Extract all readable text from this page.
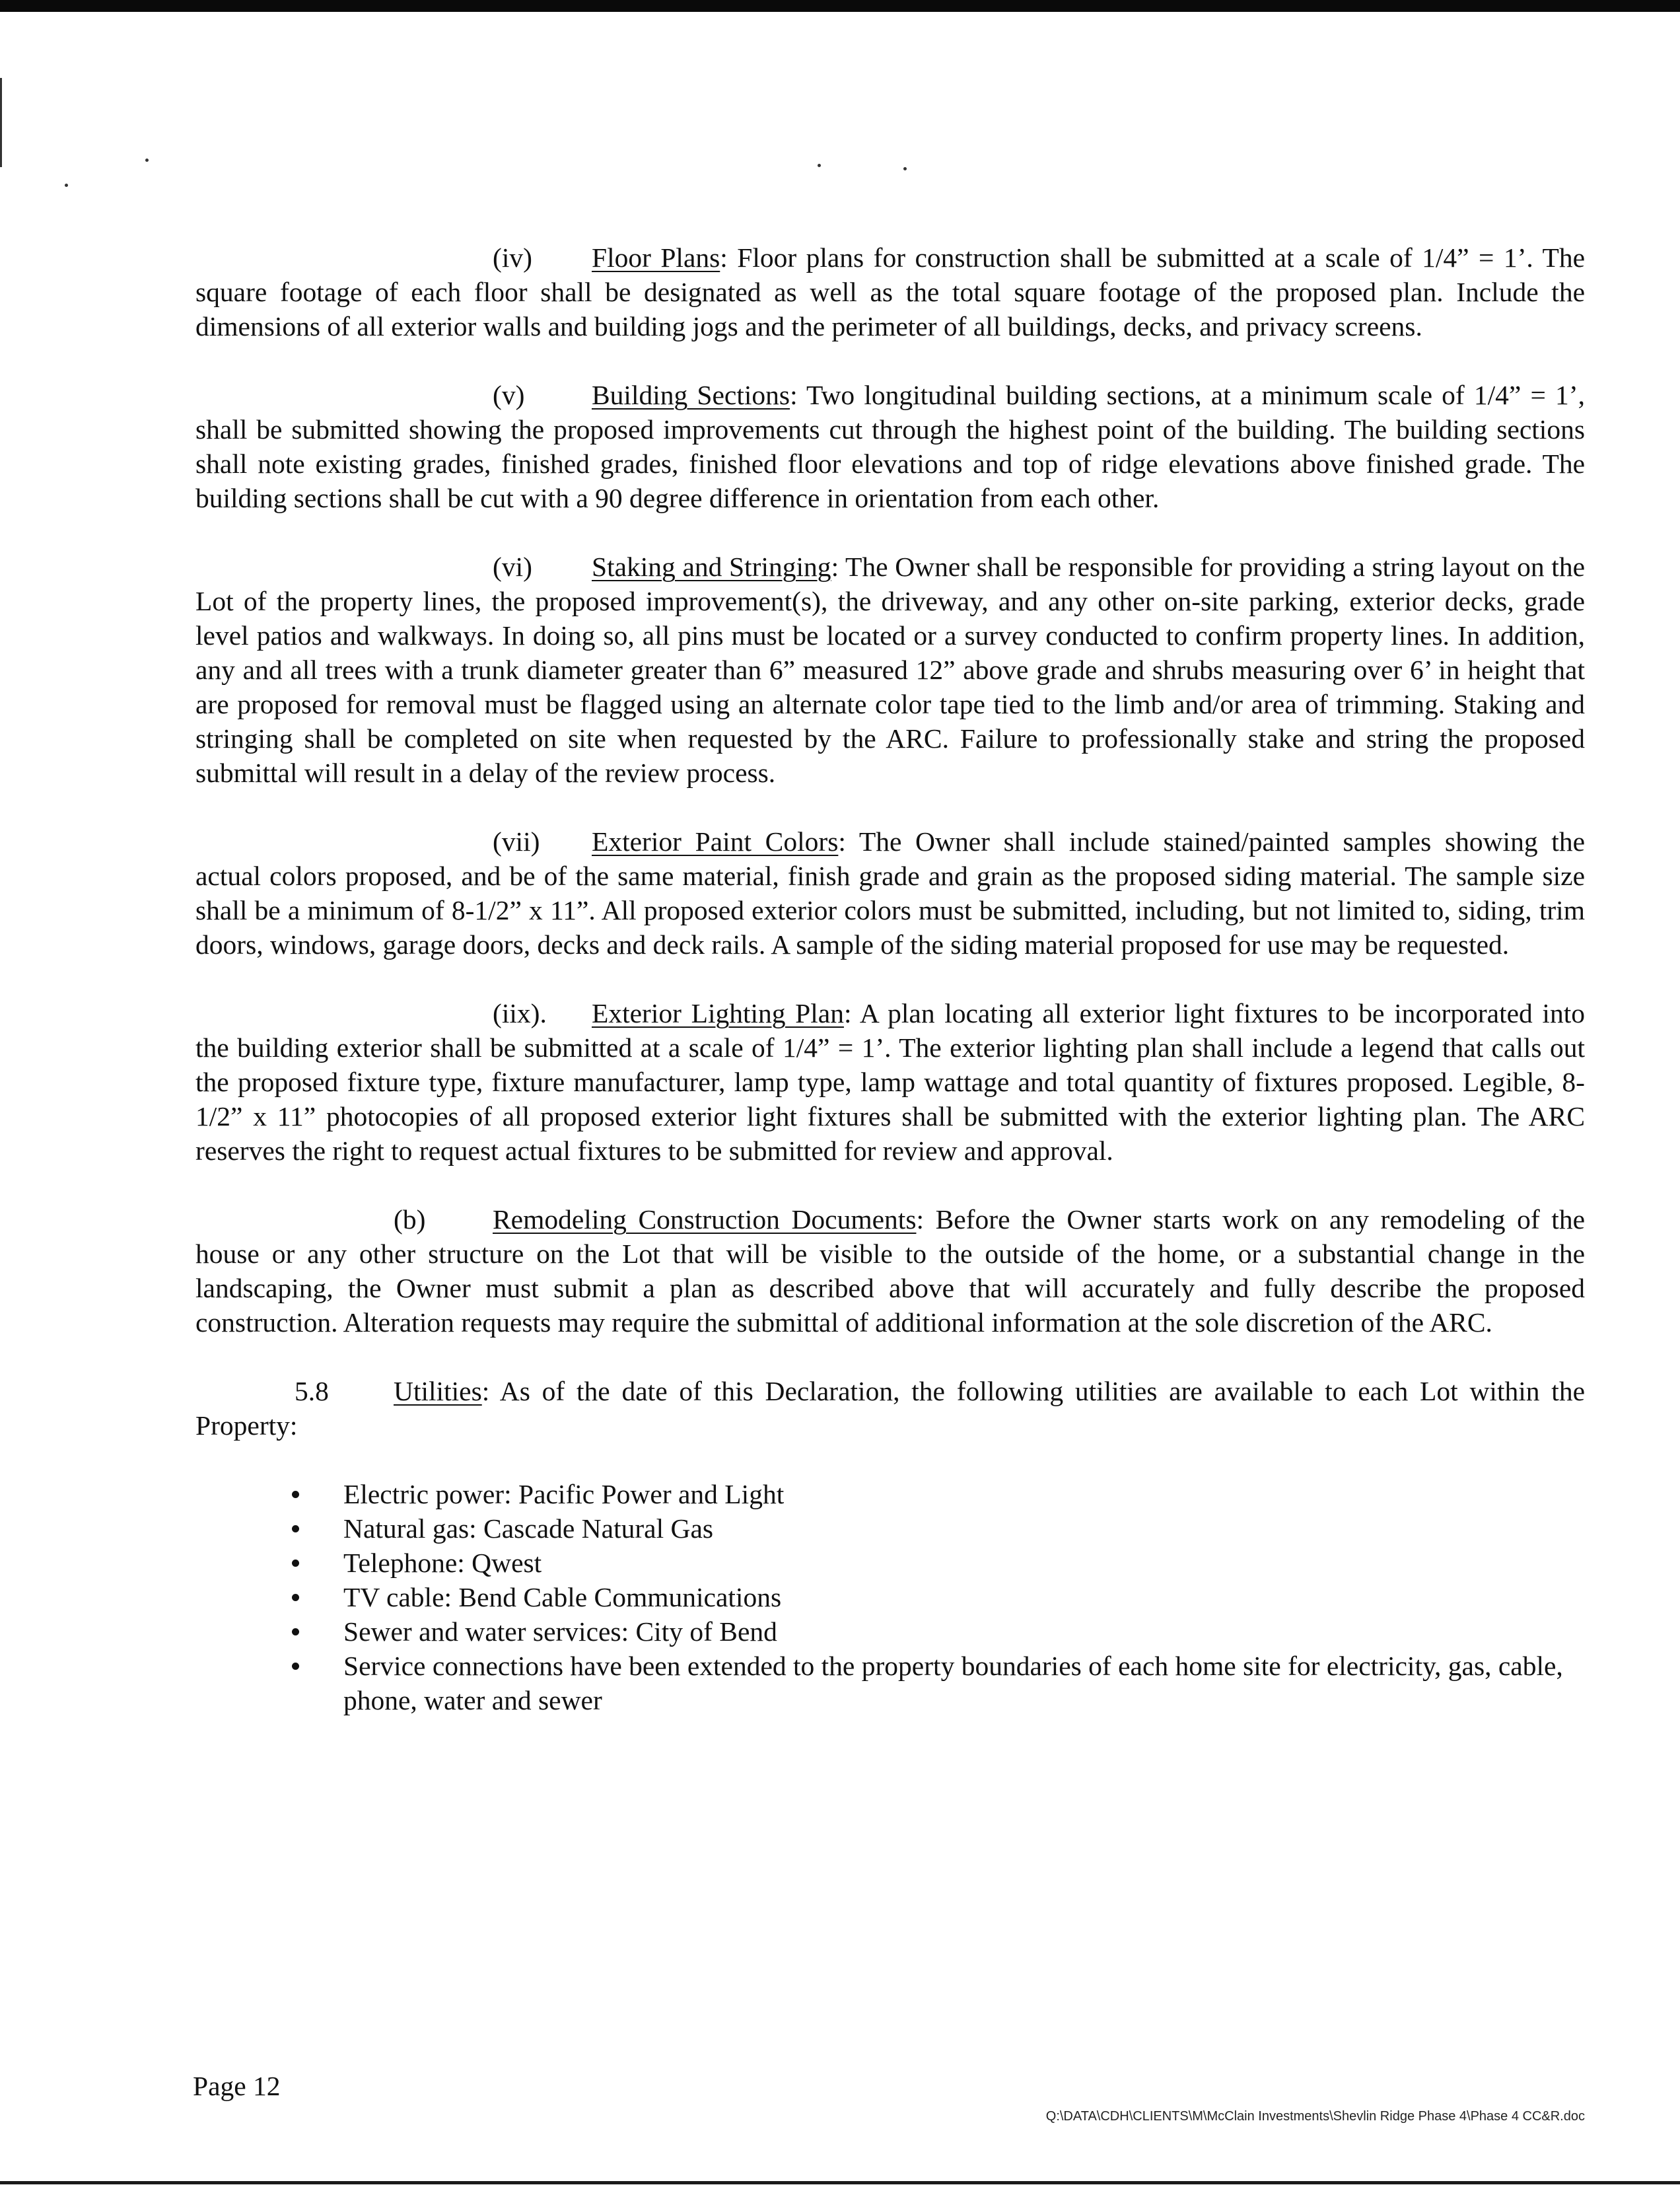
(iv) Floor Plans: Floor plans for construction shall be submitted at a scale of 1/4” = 1’. The square footage of each floor shall be designated as well as the total square footage of the proposed plan. Include the dimensions of all exterior walls and building jogs and the perimeter of all buildings, decks, and privacy screens.

(v) Building Sections: Two longitudinal building sections, at a minimum scale of 1/4” = 1’, shall be submitted showing the proposed improvements cut through the highest point of the building. The building sections shall note existing grades, finished grades, finished floor elevations and top of ridge elevations above finished grade. The building sections shall be cut with a 90 degree difference in orientation from each other.

(vi) Staking and Stringing: The Owner shall be responsible for providing a string layout on the Lot of the property lines, the proposed improvement(s), the driveway, and any other on-site parking, exterior decks, grade level patios and walkways. In doing so, all pins must be located or a survey conducted to confirm property lines. In addition, any and all trees with a trunk diameter greater than 6” measured 12” above grade and shrubs measuring over 6’ in height that are proposed for removal must be flagged using an alternate color tape tied to the limb and/or area of trimming. Staking and stringing shall be completed on site when requested by the ARC. Failure to professionally stake and string the proposed submittal will result in a delay of the review process.

(vii) Exterior Paint Colors: The Owner shall include stained/painted samples showing the actual colors proposed, and be of the same material, finish grade and grain as the proposed siding material. The sample size shall be a minimum of 8-1/2” x 11”. All proposed exterior colors must be submitted, including, but not limited to, siding, trim doors, windows, garage doors, decks and deck rails. A sample of the siding material proposed for use may be requested.

(iix). Exterior Lighting Plan: A plan locating all exterior light fixtures to be incorporated into the building exterior shall be submitted at a scale of 1/4” = 1’. The exterior lighting plan shall include a legend that calls out the proposed fixture type, fixture manufacturer, lamp type, lamp wattage and total quantity of fixtures proposed. Legible, 8-1/2” x 11” photocopies of all proposed exterior light fixtures shall be submitted with the exterior lighting plan. The ARC reserves the right to request actual fixtures to be submitted for review and approval.

(b) Remodeling Construction Documents: Before the Owner starts work on any remodeling of the house or any other structure on the Lot that will be visible to the outside of the home, or a substantial change in the landscaping, the Owner must submit a plan as described above that will accurately and fully describe the proposed construction. Alteration requests may require the submittal of additional information at the sole discretion of the ARC.

5.8 Utilities: As of the date of this Declaration, the following utilities are available to each Lot within the Property:

Electric power: Pacific Power and Light
Natural gas: Cascade Natural Gas
Telephone: Qwest
TV cable: Bend Cable Communications
Sewer and water services: City of Bend
Service connections have been extended to the property boundaries of each home site for electricity, gas, cable, phone, water and sewer
Page 12
Q:\DATA\CDH\CLIENTS\M\McClain Investments\Shevlin Ridge Phase 4\Phase 4 CC&R.doc
